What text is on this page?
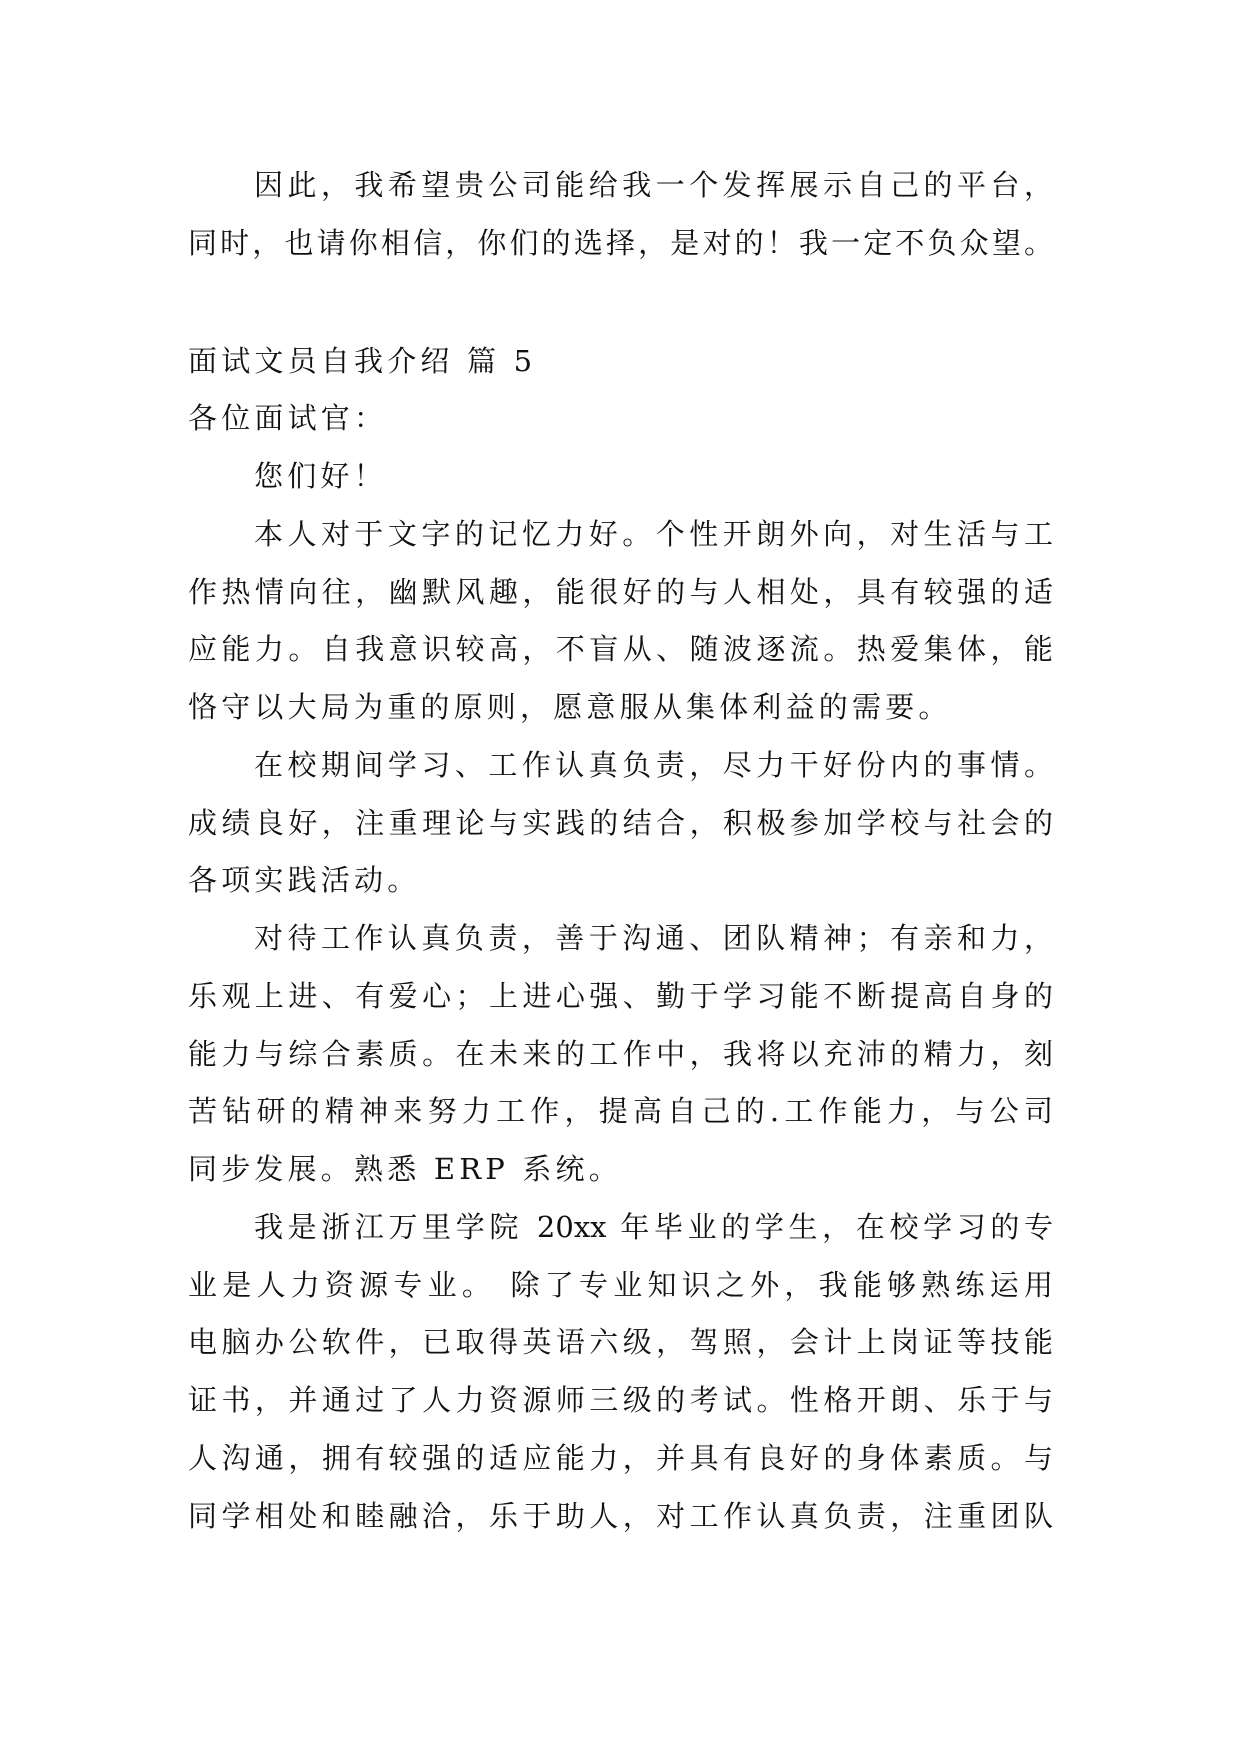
因此，我希望贵公司能给我一个发挥展示自己的平台，
同时，也请你相信，你们的选择，是对的！我一定不负众望。
面试文员自我介绍 篇 5
各位面试官：
您们好！
本人对于文字的记忆力好。个性开朗外向，对生活与工
作热情向往，幽默风趣，能很好的与人相处，具有较强的适
应能力。自我意识较高，不盲从、随波逐流。热爱集体，能
恪守以大局为重的原则，愿意服从集体利益的需要。
在校期间学习、工作认真负责，尽力干好份内的事情。
成绩良好，注重理论与实践的结合，积极参加学校与社会的
各项实践活动。
对待工作认真负责，善于沟通、团队精神；有亲和力，
乐观上进、有爱心；上进心强、勤于学习能不断提高自身的
能力与综合素质。在未来的工作中，我将以充沛的精力，刻
苦钻研的精神来努力工作，提高自己的.工作能力，与公司
同步发展。熟悉 ERP 系统。
我是浙江万里学院 20xx 年毕业的学生，在校学习的专
业是人力资源专业。 除了专业知识之外，我能够熟练运用
电脑办公软件，已取得英语六级，驾照，会计上岗证等技能
证书，并通过了人力资源师三级的考试。性格开朗、乐于与
人沟通，拥有较强的适应能力，并具有良好的身体素质。与
同学相处和睦融洽，乐于助人，对工作认真负责，注重团队
